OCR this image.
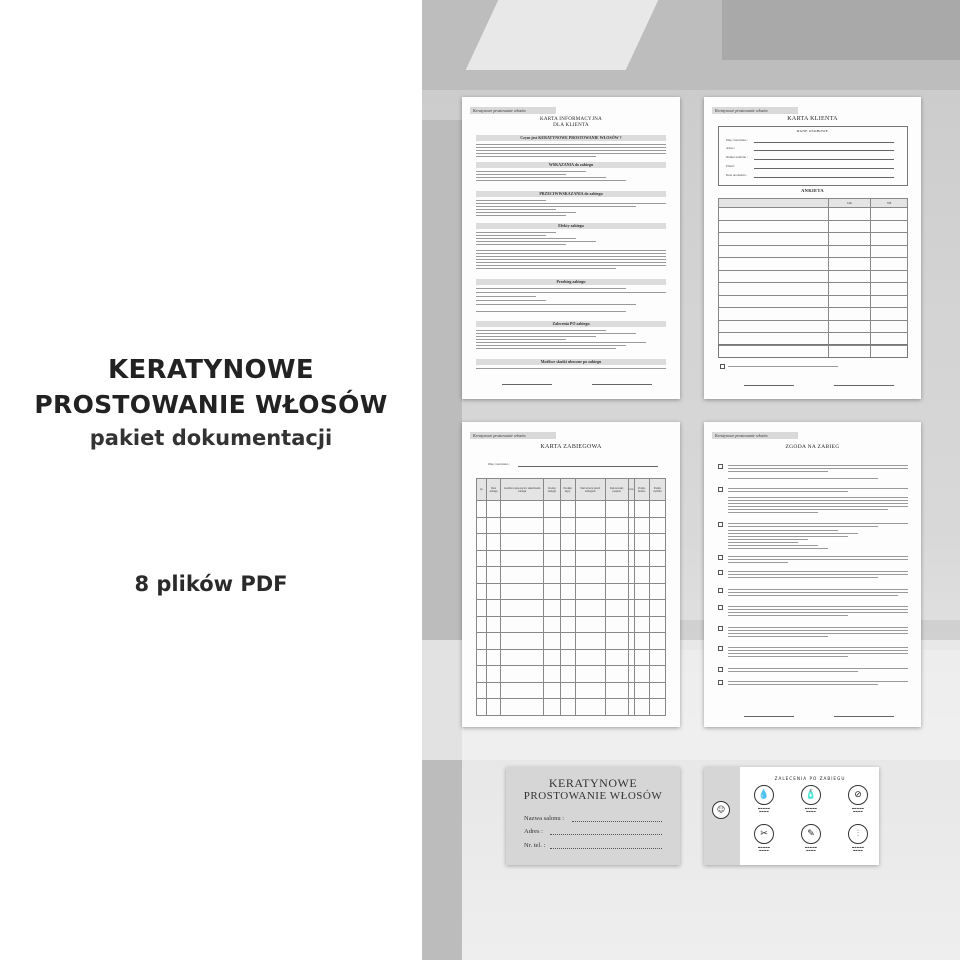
KERATYNOWE
PROSTOWANIE WŁOSÓW
pakiet dokumentacji
8 plików PDF
Keratynowe prostowanie włosów
KARTA INFORMACYJNA
DLA KLIENTA
Czym jest KERATYNOWE PROSTOWANIE WŁOSÓW ?
WSKAZANIA do zabiegu
PRZECIWWSKAZANIA do zabiegu
Efekty zabiegu
Przebieg zabiegu
Zalecenia PO zabiegu
Możliwe skutki uboczne po zabiegu
Keratynowe prostowanie włosów
KARTA KLIENTA
DANE OSOBOWE
Imię i nazwisko :
Adres :
Numer telefonu :
Email :
Data urodzenia :
ANKIETA
	TAK	NIE

Keratynowe prostowanie włosów
KARTA ZABIEGOWA
Imię i nazwisko :
Lp.	Data zabiegu	Godzina rozpoczęcia i zakończenia zabiegu	Rodzaj zabiegu	Produkt użyty	Stan włosów przed zabiegiem	Zastosowany preparat	Czas	Podpis klienta	Podpis stylistki

Keratynowe prostowanie włosów
ZGODA NA ZABIEG
KERATYNOWE
PROSTOWANIE WŁOSÓW
Nazwa salonu :
Adres :
Nr. tel. :
☺
ZALECENIA PO ZABIEGU
💧
▬▬▬▬▬
▬▬▬▬
🧴
▬▬▬▬▬
▬▬▬▬
⊘
▬▬▬▬▬
▬▬▬▬
✂
▬▬▬▬▬
▬▬▬▬
✎
▬▬▬▬▬
▬▬▬▬
⫶
▬▬▬▬▬
▬▬▬▬
